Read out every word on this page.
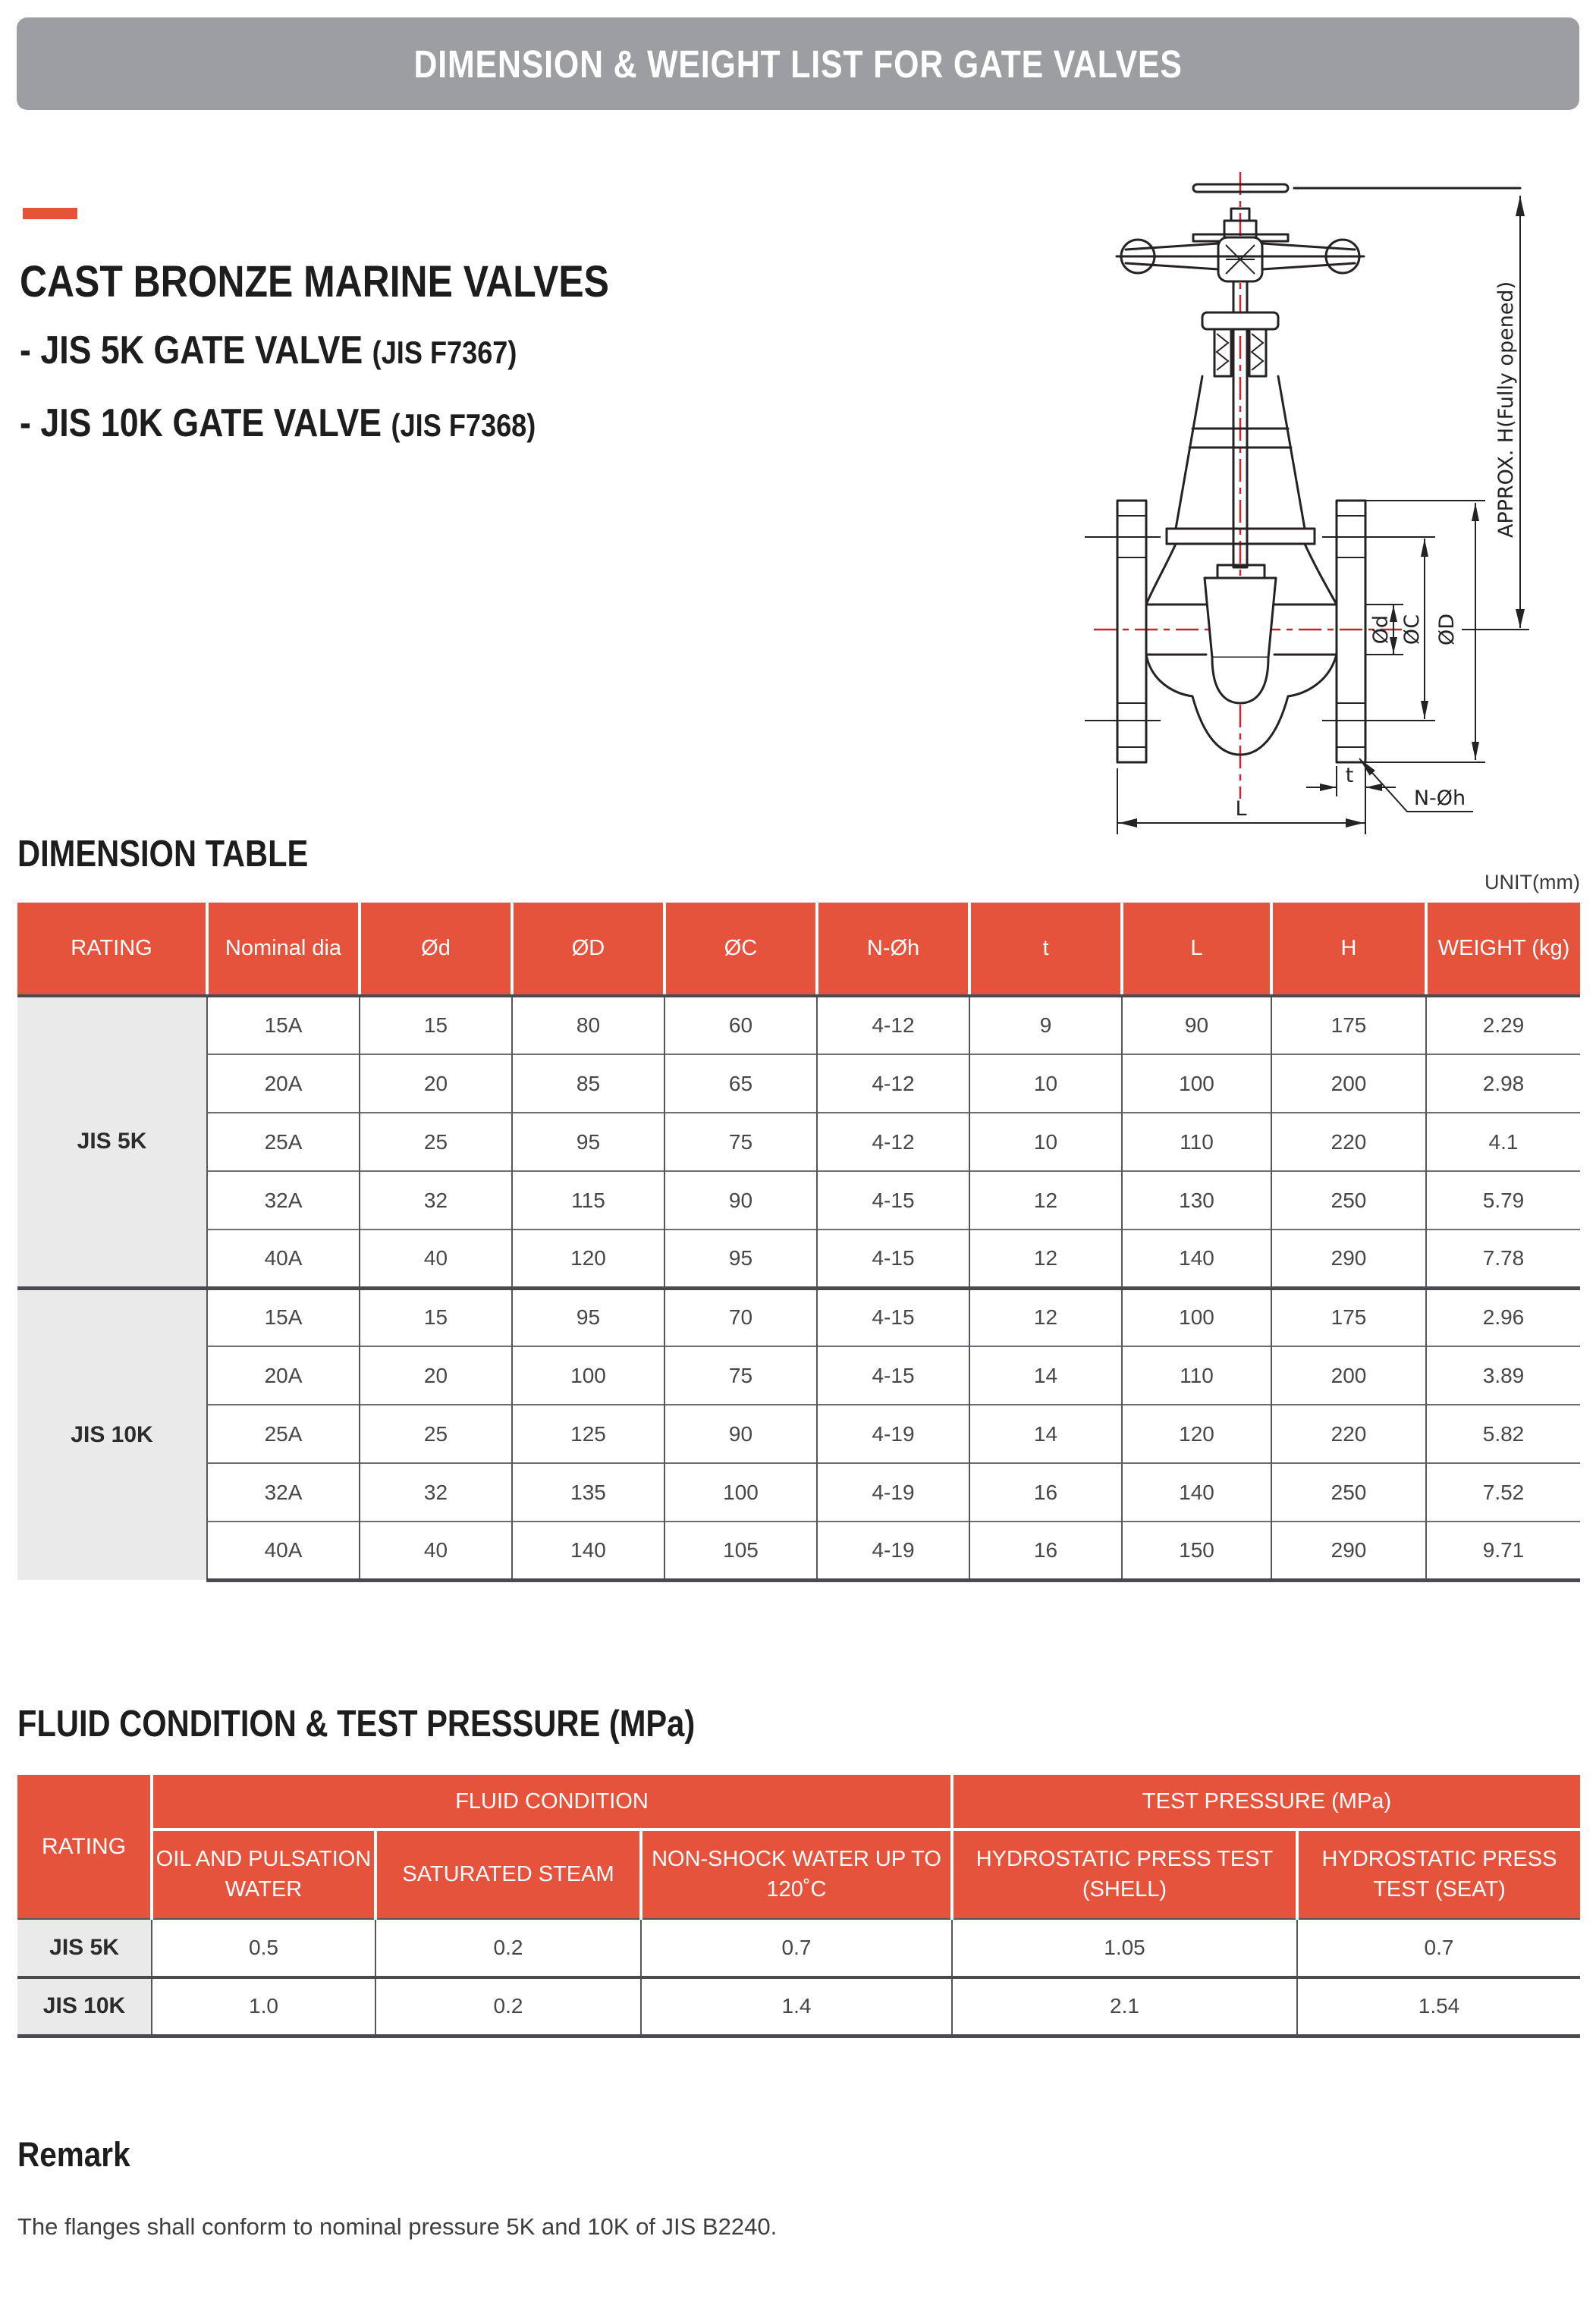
DIMENSION & WEIGHT LIST FOR GATE VALVES
CAST BRONZE MARINE VALVES
- JIS 5K GATE VALVE (JIS F7367)
- JIS 10K GATE VALVE (JIS F7368)
Ød ØC ØD
APPROX. H(Fully opened)
t
N-Øh
L
DIMENSION TABLE
UNIT(mm)
RATING	Nominal dia	Ød	ØD	ØC	N-Øh	t	L	H	WEIGHT (kg)
JIS 5K	15A	15	80	60	4-12	9	90	175	2.29
	20A	20	85	65	4-12	10	100	200	2.98
	25A	25	95	75	4-12	10	110	220	4.1
	32A	32	115	90	4-15	12	130	250	5.79
	40A	40	120	95	4-15	12	140	290	7.78
JIS 10K	15A	15	95	70	4-15	12	100	175	2.96
	20A	20	100	75	4-15	14	110	200	3.89
	25A	25	125	90	4-19	14	120	220	5.82
	32A	32	135	100	4-19	16	140	250	7.52
	40A	40	140	105	4-19	16	150	290	9.71
FLUID CONDITION & TEST PRESSURE (MPa)
RATING	FLUID CONDITION			TEST PRESSURE (MPa)	
	OIL AND PULSATION WATER	SATURATED STEAM	NON-SHOCK WATER UP TO 120˚C	HYDROSTATIC PRESS TEST (SHELL)	HYDROSTATIC PRESS TEST (SEAT)
JIS 5K	0.5	0.2	0.7	1.05	0.7
JIS 10K	1.0	0.2	1.4	2.1	1.54
Remark
The flanges shall conform to nominal pressure 5K and 10K of JIS B2240.
